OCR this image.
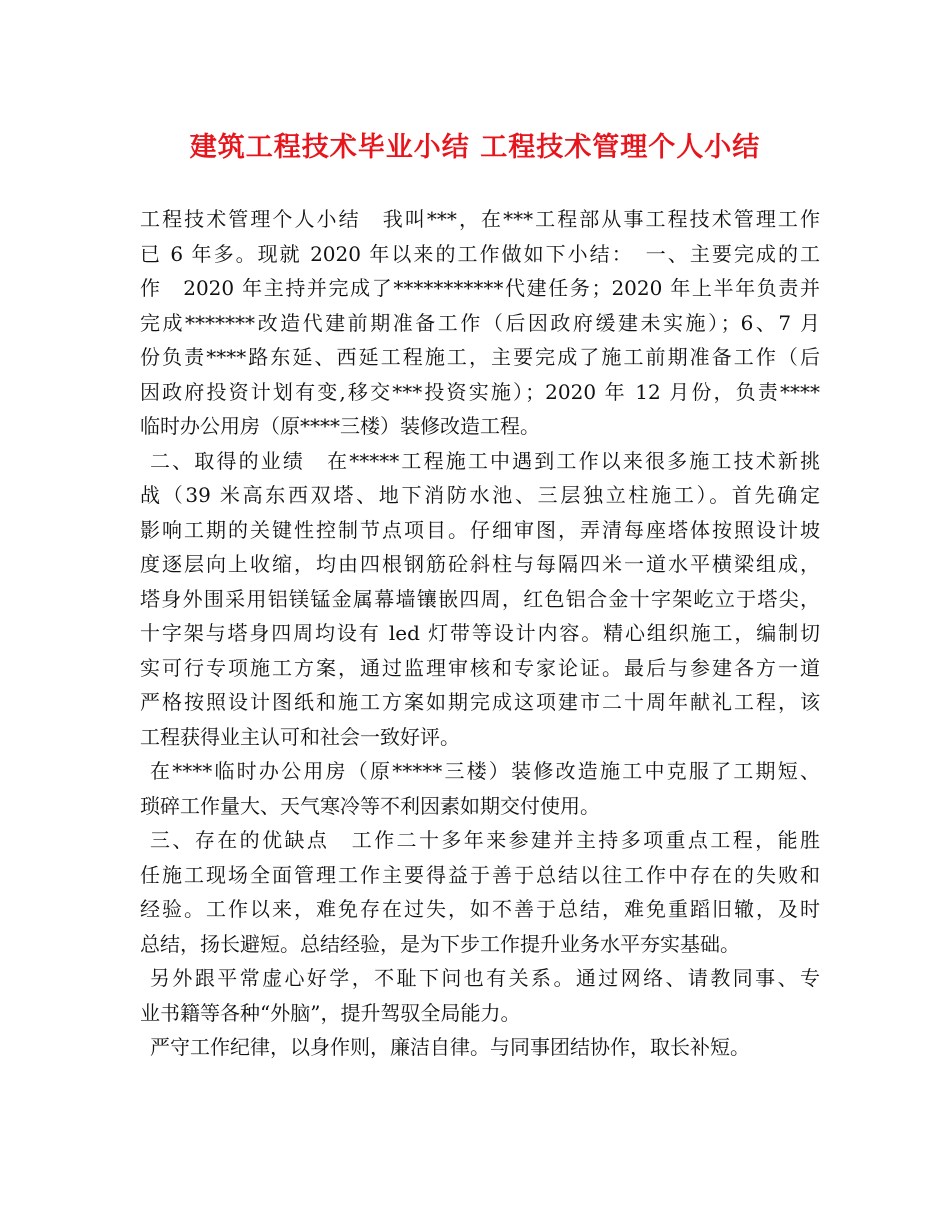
建筑工程技术毕业小结 工程技术管理个人小结
工程技术管理个人小结　我叫***，在***工程部从事工程技术管理工作
已 6 年多。现就 2020 年以来的工作做如下小结：　一、主要完成的工
作　2020 年主持并完成了***********代建任务；2020 年上半年负责并
完成*******改造代建前期准备工作（后因政府缓建未实施）；6、7 月
份负责****路东延、西延工程施工，主要完成了施工前期准备工作（后
因政府投资计划有变,移交***投资实施）；2020 年 12 月份，负责****
临时办公用房（原****三楼）装修改造工程。
二、取得的业绩　在*****工程施工中遇到工作以来很多施工技术新挑
战（39 米高东西双塔、地下消防水池、三层独立柱施工）。首先确定
影响工期的关键性控制节点项目。仔细审图，弄清每座塔体按照设计坡
度逐层向上收缩，均由四根钢筋砼斜柱与每隔四米一道水平横梁组成，
塔身外围采用铝镁锰金属幕墙镶嵌四周，红色铝合金十字架屹立于塔尖，
十字架与塔身四周均设有 led 灯带等设计内容。精心组织施工，编制切
实可行专项施工方案，通过监理审核和专家论证。最后与参建各方一道
严格按照设计图纸和施工方案如期完成这项建市二十周年献礼工程，该
工程获得业主认可和社会一致好评。
在****临时办公用房（原*****三楼）装修改造施工中克服了工期短、
琐碎工作量大、天气寒冷等不利因素如期交付使用。
三、存在的优缺点　工作二十多年来参建并主持多项重点工程，能胜
任施工现场全面管理工作主要得益于善于总结以往工作中存在的失败和
经验。工作以来，难免存在过失，如不善于总结，难免重蹈旧辙，及时
总结，扬长避短。总结经验，是为下步工作提升业务水平夯实基础。
另外跟平常虚心好学，不耻下问也有关系。通过网络、请教同事、专
业书籍等各种“外脑”，提升驾驭全局能力。
严守工作纪律，以身作则，廉洁自律。与同事团结协作，取长补短。
